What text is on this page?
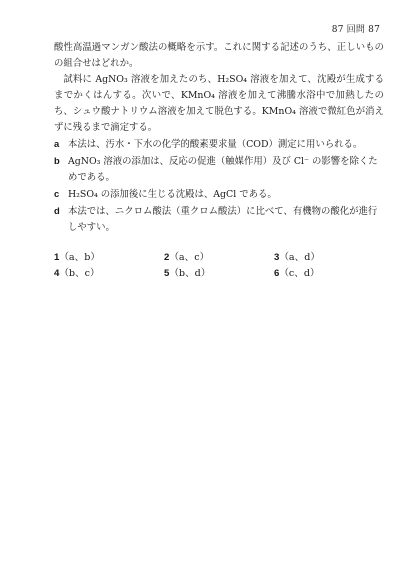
87 回問 87

酸性高温過マンガン酸法の概略を示す。これに関する記述のうち、正しいものの組合せはどれか。

試料に AgNO₃ 溶液を加えたのち、H₂SO₄ 溶液を加えて、沈殿が生成するまでかくはんする。次いで、KMnO₄ 溶液を加えて沸騰水浴中で加熱したのち、シュウ酸ナトリウム溶液を加えて脱色する。KMnO₄ 溶液で微紅色が消えずに残るまで滴定する。

a 本法は、汚水・下水の化学的酸素要求量（COD）測定に用いられる。

b AgNO₃ 溶液の添加は、反応の促進（触媒作用）及び Cl⁻ の影響を除くためである。

c H₂SO₄ の添加後に生じる沈殿は、AgCl である。

d 本法では、ニクロム酸法（重クロム酸法）に比べて、有機物の酸化が進行しやすい。

1（a、b）	2（a、c）	3（a、d）
4（b、c）	5（b、d）	6（c、d）
